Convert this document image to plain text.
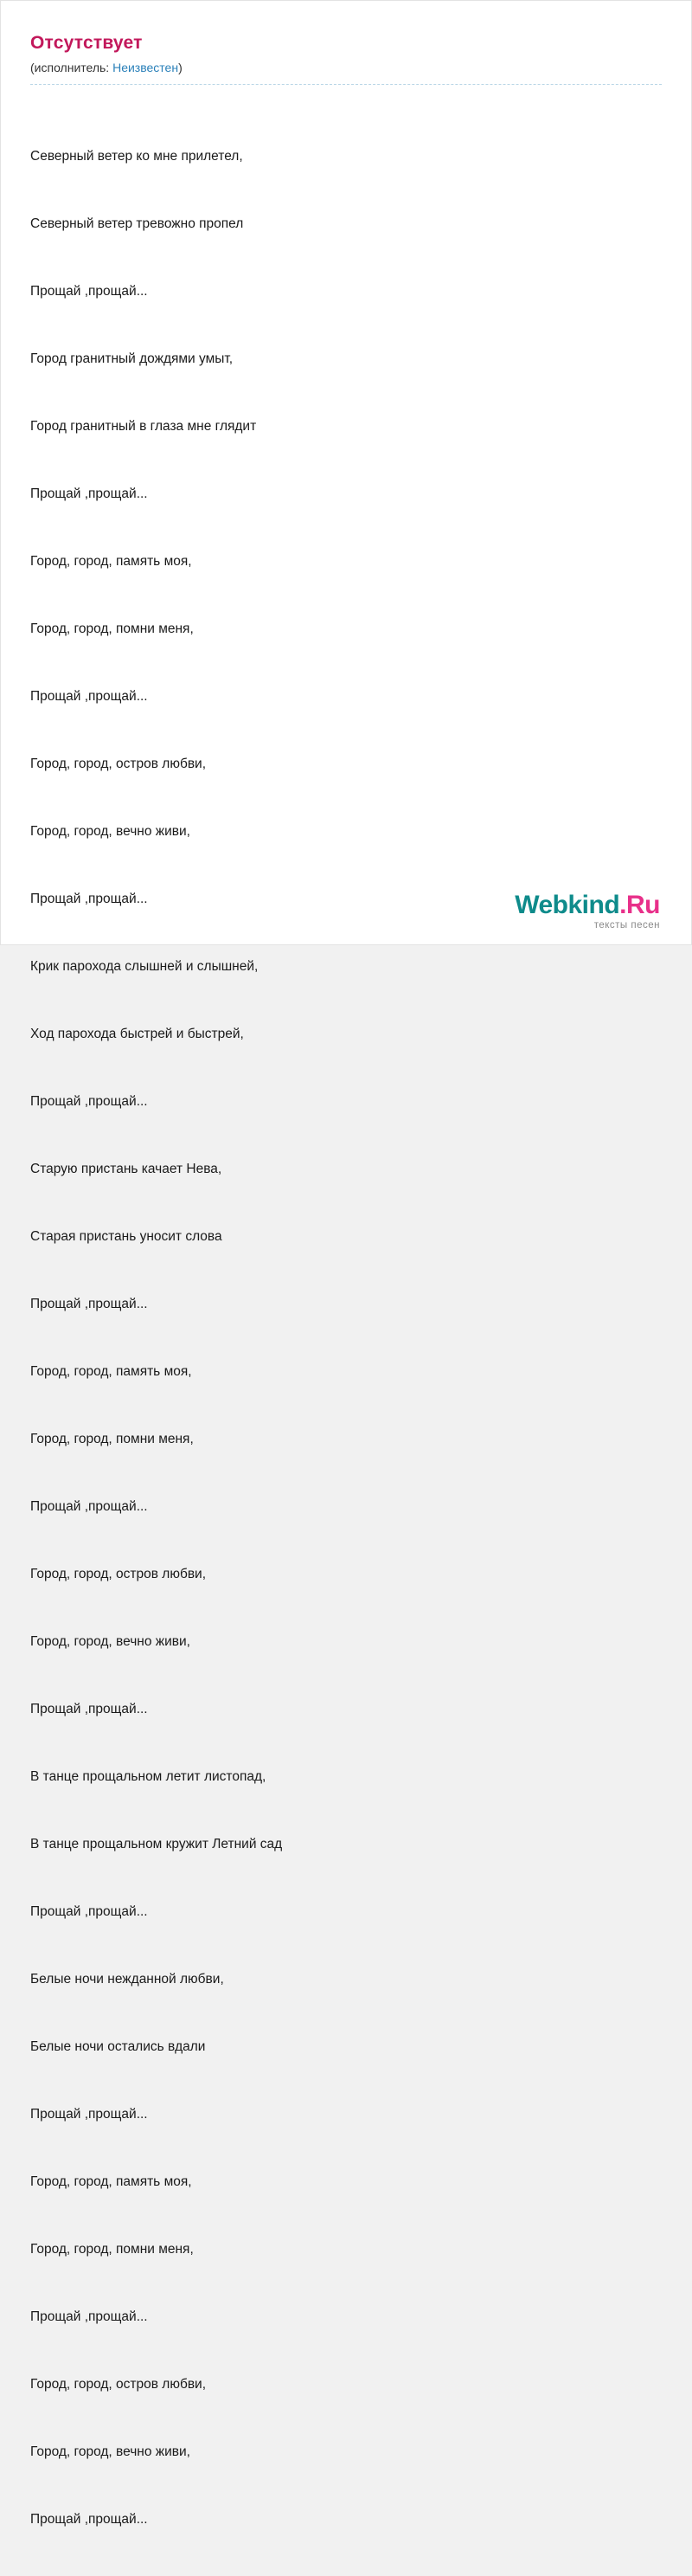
Отсутствует
(исполнитель: Неизвестен)

Северный ветер ко мне прилетел,

Северный ветер тревожно пропел

Прощай ,прощай...

Город гранитный дождями умыт,

Город гранитный в глаза мне глядит

Прощай ,прощай...

Город, город, память моя,

Город, город, помни меня,

Прощай ,прощай...

Город, город, остров любви,

Город, город, вечно живи,

Прощай ,прощай...

Крик парохода слышней и слышней,

Ход парохода быстрей и быстрей,

Прощай ,прощай...

Старую пристань качает Нева,

Старая пристань уносит слова

Прощай ,прощай...

Город, город, память моя,

Город, город, помни меня,

Прощай ,прощай...

Город, город, остров любви,

Город, город, вечно живи,

Прощай ,прощай...

В танце прощальном летит листопад,

В танце прощальном кружит Летний сад

Прощай ,прощай...

Белые ночи нежданной любви,

Белые ночи остались вдали

Прощай ,прощай...

Город, город, память моя,

Город, город, помни меня,

Прощай ,прощай...

Город, город, остров любви,

Город, город, вечно живи,

Прощай ,прощай...

Webkind.Ru
тексты песен
